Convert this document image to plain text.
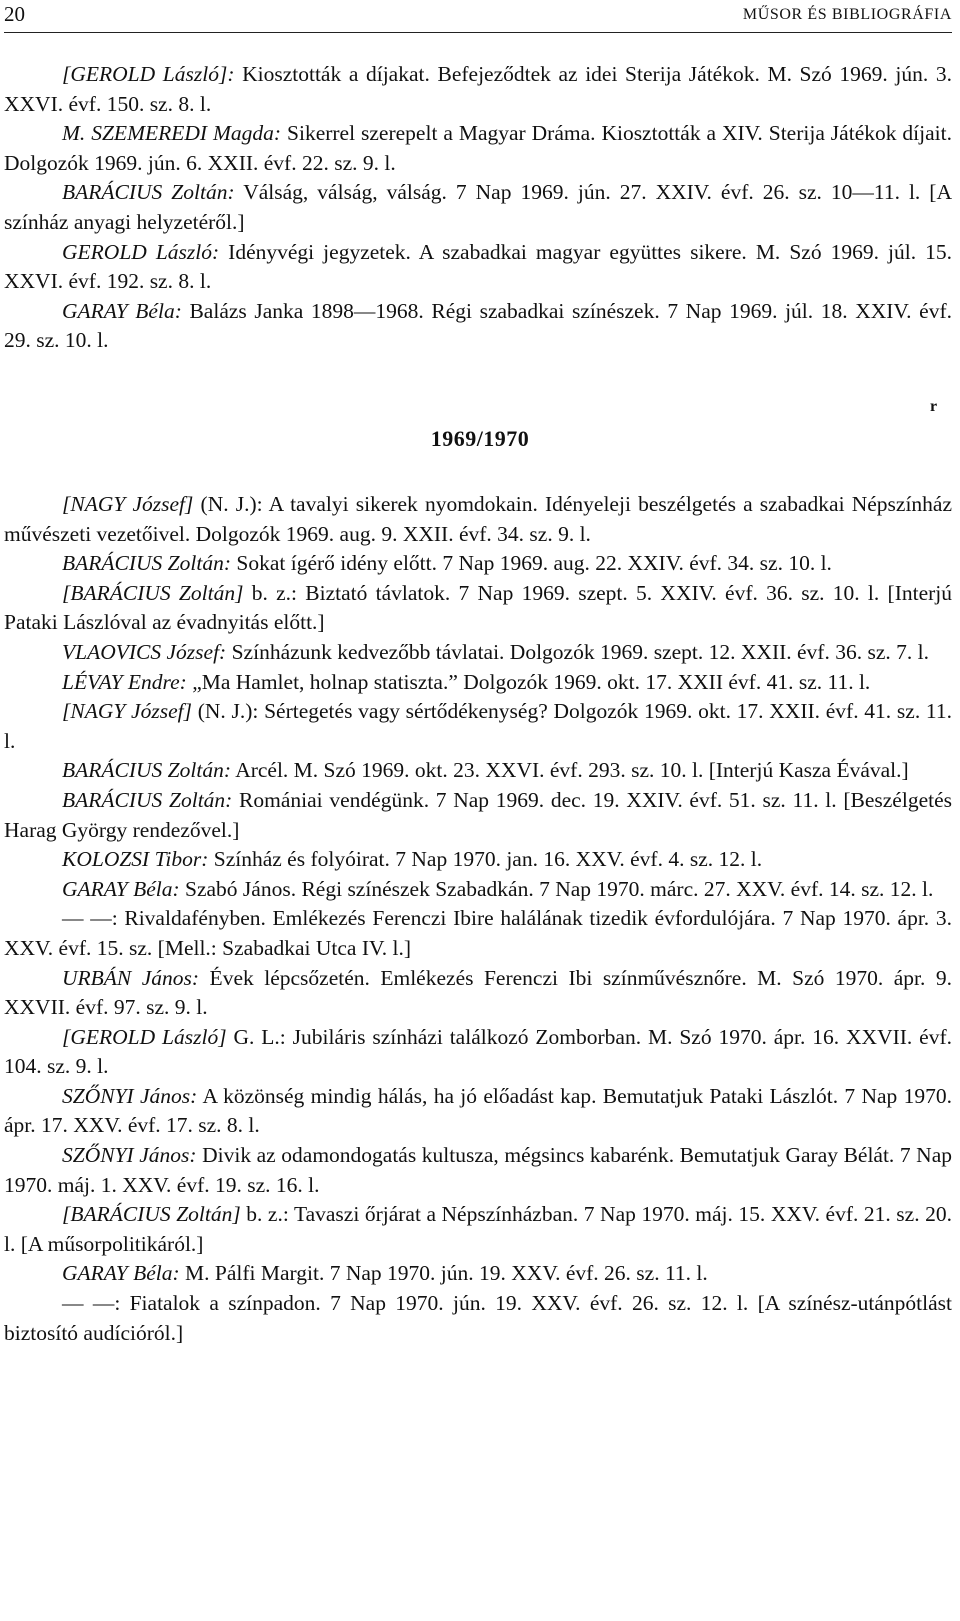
20	MŰSOR ÉS BIBLIOGRÁFIA

[GEROLD László]: Kiosztották a díjakat. Befejeződtek az idei Sterija Játékok. M. Szó 1969. jún. 3. XXVI. évf. 150. sz. 8. l.

M. SZEMEREDI Magda: Sikerrel szerepelt a Magyar Dráma. Kiosztották a XIV. Sterija Játékok díjait. Dolgozók 1969. jún. 6. XXII. évf. 22. sz. 9. l.

BARÁCIUS Zoltán: Válság, válság, válság. 7 Nap 1969. jún. 27. XXIV. évf. 26. sz. 10—11. l. [A színház anyagi helyzetéről.]

GEROLD László: Idényvégi jegyzetek. A szabadkai magyar együttes sikere. M. Szó 1969. júl. 15. XXVI. évf. 192. sz. 8. l.

GARAY Béla: Balázs Janka 1898—1968. Régi szabadkai színészek. 7 Nap 1969. júl. 18. XXIV. évf. 29. sz. 10. l.

r
1969/1970

[NAGY József] (N. J.): A tavalyi sikerek nyomdokain. Idényeleji beszélgetés a szabadkai Népszínház művészeti vezetőivel. Dolgozók 1969. aug. 9. XXII. évf. 34. sz. 9. l.

BARÁCIUS Zoltán: Sokat ígérő idény előtt. 7 Nap 1969. aug. 22. XXIV. évf. 34. sz. 10. l.

[BARÁCIUS Zoltán] b. z.: Biztató távlatok. 7 Nap 1969. szept. 5. XXIV. évf. 36. sz. 10. l. [Interjú Pataki Lászlóval az évadnyitás előtt.]

VLAOVICS József: Színházunk kedvezőbb távlatai. Dolgozók 1969. szept. 12. XXII. évf. 36. sz. 7. l.

LÉVAY Endre: „Ma Hamlet, holnap statiszta.” Dolgozók 1969. okt. 17. XXII évf. 41. sz. 11. l.

[NAGY József] (N. J.): Sértegetés vagy sértődékenység? Dolgozók 1969. okt. 17. XXII. évf. 41. sz. 11. l.

BARÁCIUS Zoltán: Arcél. M. Szó 1969. okt. 23. XXVI. évf. 293. sz. 10. l. [Interjú Kasza Évával.]

BARÁCIUS Zoltán: Romániai vendégünk. 7 Nap 1969. dec. 19. XXIV. évf. 51. sz. 11. l. [Beszélgetés Harag György rendezővel.]

KOLOZSI Tibor: Színház és folyóirat. 7 Nap 1970. jan. 16. XXV. évf. 4. sz. 12. l.

GARAY Béla: Szabó János. Régi színészek Szabadkán. 7 Nap 1970. márc. 27. XXV. évf. 14. sz. 12. l.

— —: Rivaldafényben. Emlékezés Ferenczi Ibire halálának tizedik évfordulójára. 7 Nap 1970. ápr. 3. XXV. évf. 15. sz. [Mell.: Szabadkai Utca IV. l.]

URBÁN János: Évek lépcsőzetén. Emlékezés Ferenczi Ibi színművésznőre. M. Szó 1970. ápr. 9. XXVII. évf. 97. sz. 9. l.

[GEROLD László] G. L.: Jubiláris színházi találkozó Zomborban. M. Szó 1970. ápr. 16. XXVII. évf. 104. sz. 9. l.

SZŐNYI János: A közönség mindig hálás, ha jó előadást kap. Bemutatjuk Pataki Lászlót. 7 Nap 1970. ápr. 17. XXV. évf. 17. sz. 8. l.

SZŐNYI János: Divik az odamondogatás kultusza, mégsincs kabarénk. Bemutatjuk Garay Bélát. 7 Nap 1970. máj. 1. XXV. évf. 19. sz. 16. l.

[BARÁCIUS Zoltán] b. z.: Tavaszi őrjárat a Népszínházban. 7 Nap 1970. máj. 15. XXV. évf. 21. sz. 20. l. [A műsorpolitikáról.]

GARAY Béla: M. Pálfi Margit. 7 Nap 1970. jún. 19. XXV. évf. 26. sz. 11. l.

— —: Fiatalok a színpadon. 7 Nap 1970. jún. 19. XXV. évf. 26. sz. 12. l. [A színész-utánpótlást biztosító audícióról.]
